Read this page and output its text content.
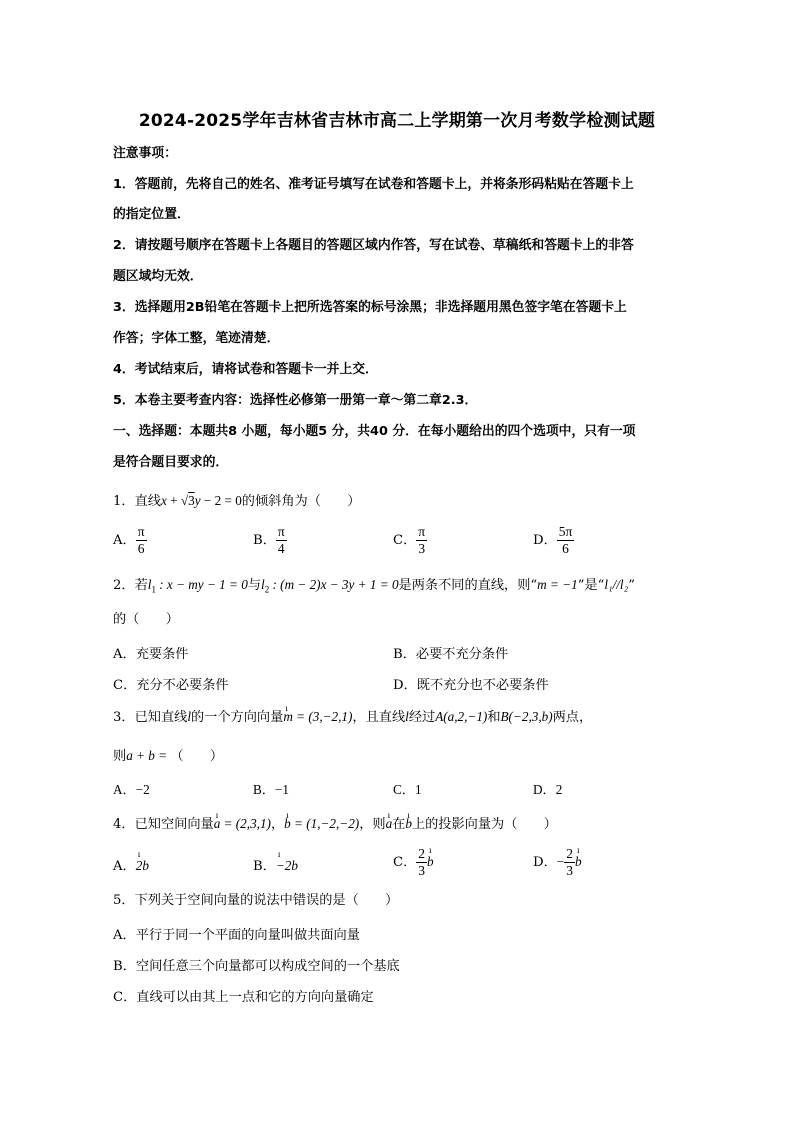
2024-2025学年吉林省吉林市高二上学期第一次月考数学检测试题
注意事项：
1．答题前，先将自己的姓名、准考证号填写在试卷和答题卡上，并将条形码粘贴在答题卡上
的指定位置．
2．请按题号顺序在答题卡上各题目的答题区域内作答，写在试卷、草稿纸和答题卡上的非答
题区域均无效．
3．选择题用2B铅笔在答题卡上把所选答案的标号涂黑；非选择题用黑色签字笔在答题卡上
作答；字体工整，笔迹清楚．
4．考试结束后，请将试卷和答题卡一并上交．
5．本卷主要考查内容：选择性必修第一册第一章～第二章2.3．
一、选择题：本题共8 小题，每小题5 分，共40 分．在每小题给出的四个选项中，只有一项
是符合题目要求的．
1．直线x + √3y − 2 = 0的倾斜角为（　　）
A． $\frac{\pi}{6}$	B． $\frac{\pi}{4}$	C． $\frac{\pi}{3}$	D． $\frac{5\pi}{6}$
2．若$l_1$ : x − my − 1 = 0与$l_2$ : (m − 2)x − 3y + 1 = 0是两条不同的直线，则“m = −1”是“l₁//l₂”
的（　　）
A．充要条件	B．必要不充分条件
C．充分不必要条件	D．既不充分也不必要条件
3．已知直线l的一个方向向量ı m = (3,−2,1)，且直线l经过A(a,2,−1)和B(−2,3,b)两点，
则a + b = （　　）
A．−2	B．−1	C．1	D．2
4．已知空间向量ı a = (2,3,1)，ı b = (1,−2,−2)，则ı a在ı b上的投影向量为（　　）
A．ı 2b	B．ı −2b	C． $\frac{2}{3}$ ı b	D．− $\frac{2}{3}$ ı b
5．下列关于空间向量的说法中错误的是（　　）
A．平行于同一个平面的向量叫做共面向量
B．空间任意三个向量都可以构成空间的一个基底
C．直线可以由其上一点和它的方向向量确定
